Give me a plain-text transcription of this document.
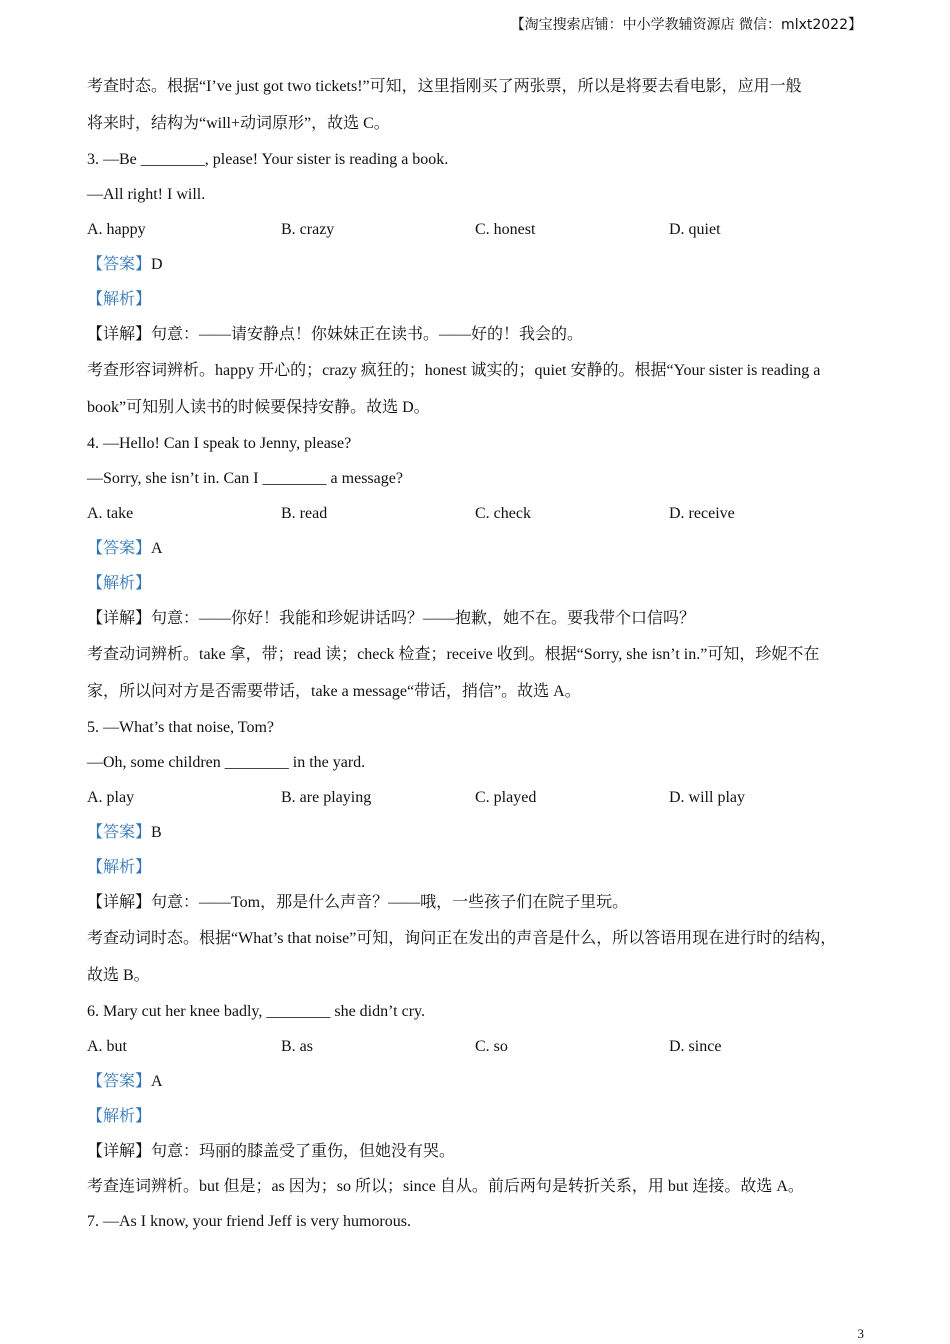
【淘宝搜索店铺：中小学教辅资源店 微信：mlxt2022】
考查时态。根据“I’ve just got two tickets!”可知，这里指刚买了两张票，所以是将要去看电影，应用一般
将来时，结构为“will+动词原形”，故选 C。
3. —Be ________, please! Your sister is reading a book.
—All right! I will.
A. happy	B. crazy	C. honest	D. quiet
【答案】D
【解析】
【详解】句意：——请安静点！你妹妹正在读书。——好的！我会的。
考查形容词辨析。happy 开心的；crazy 疯狂的；honest 诚实的；quiet 安静的。根据“Your sister is reading a
book”可知别人读书的时候要保持安静。故选 D。
4. —Hello! Can I speak to Jenny, please?
—Sorry, she isn’t in. Can I ________ a message?
A. take	B. read	C. check	D. receive
【答案】A
【解析】
【详解】句意：——你好！我能和珍妮讲话吗？——抱歉，她不在。要我带个口信吗？
考查动词辨析。take 拿，带；read 读；check 检查；receive 收到。根据“Sorry, she isn’t in.”可知，珍妮不在
家，所以问对方是否需要带话，take a message“带话，捎信”。故选 A。
5. —What’s that noise, Tom?
—Oh, some children ________ in the yard.
A. play	B. are playing	C. played	D. will play
【答案】B
【解析】
【详解】句意：——Tom，那是什么声音？——哦，一些孩子们在院子里玩。
考查动词时态。根据“What’s that noise”可知，询问正在发出的声音是什么，所以答语用现在进行时的结构，
故选 B。
6. Mary cut her knee badly, ________ she didn’t cry.
A. but	B. as	C. so	D. since
【答案】A
【解析】
【详解】句意：玛丽的膝盖受了重伤，但她没有哭。
考查连词辨析。but 但是；as 因为；so 所以；since 自从。前后两句是转折关系，用 but 连接。故选 A。
7. —As I know, your friend Jeff is very humorous.
3
